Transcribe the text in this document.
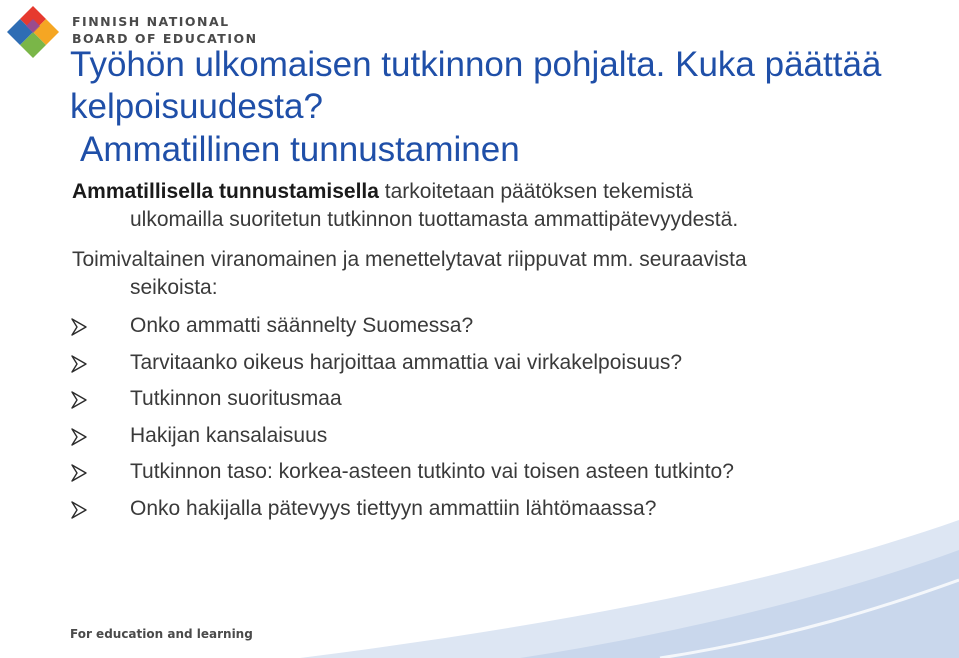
FINNISH NATIONAL
BOARD OF EDUCATION
Työhön ulkomaisen tutkinnon pohjalta. Kuka päättää kelpoisuudesta?
Ammatillinen tunnustaminen

Ammatillisella tunnustamisella tarkoitetaan päätöksen tekemistä
ulkomailla suoritetun tutkinnon tuottamasta ammattipätevyydestä.

Toimivaltainen viranomainen ja menettelytavat riippuvat mm. seuraavista
seikoista:

Onko ammatti säännelty Suomessa?
Tarvitaanko oikeus harjoittaa ammattia vai virkakelpoisuus?
Tutkinnon suoritusmaa
Hakijan kansalaisuus
Tutkinnon taso: korkea-asteen tutkinto vai toisen asteen tutkinto?
Onko hakijalla pätevyys tiettyyn ammattiin lähtömaassa?
For education and learning
